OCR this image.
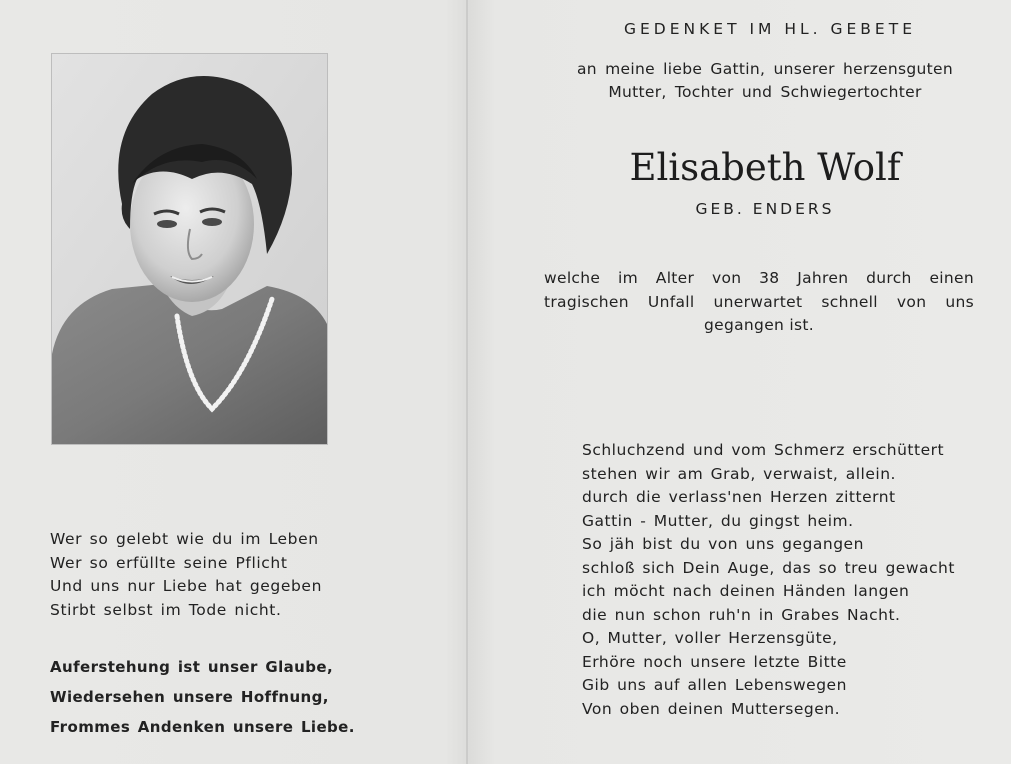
Wer so gelebt wie du im Leben
Wer so erfüllte seine Pflicht
Und uns nur Liebe hat gegeben
Stirbt selbst im Tode nicht.
Auferstehung ist unser Glaube,
Wiedersehen unsere Hoffnung,
Frommes Andenken unsere Liebe.
GEDENKET IM HL. GEBETE
an meine liebe Gattin, unserer herzensguten
Mutter, Tochter und Schwiegertochter
Elisabeth Wolf
GEB. ENDERS
welche im Alter von 38 Jahren durch einen
tragischen Unfall unerwartet schnell von uns
gegangen ist.
Schluchzend und vom Schmerz erschüttert
stehen wir am Grab, verwaist, allein.
durch die verlass'nen Herzen zitternt
Gattin - Mutter, du gingst heim.
So jäh bist du von uns gegangen
schloß sich Dein Auge, das so treu gewacht
ich möcht nach deinen Händen langen
die nun schon ruh'n in Grabes Nacht.
O, Mutter, voller Herzensgüte,
Erhöre noch unsere letzte Bitte
Gib uns auf allen Lebenswegen
Von oben deinen Muttersegen.
